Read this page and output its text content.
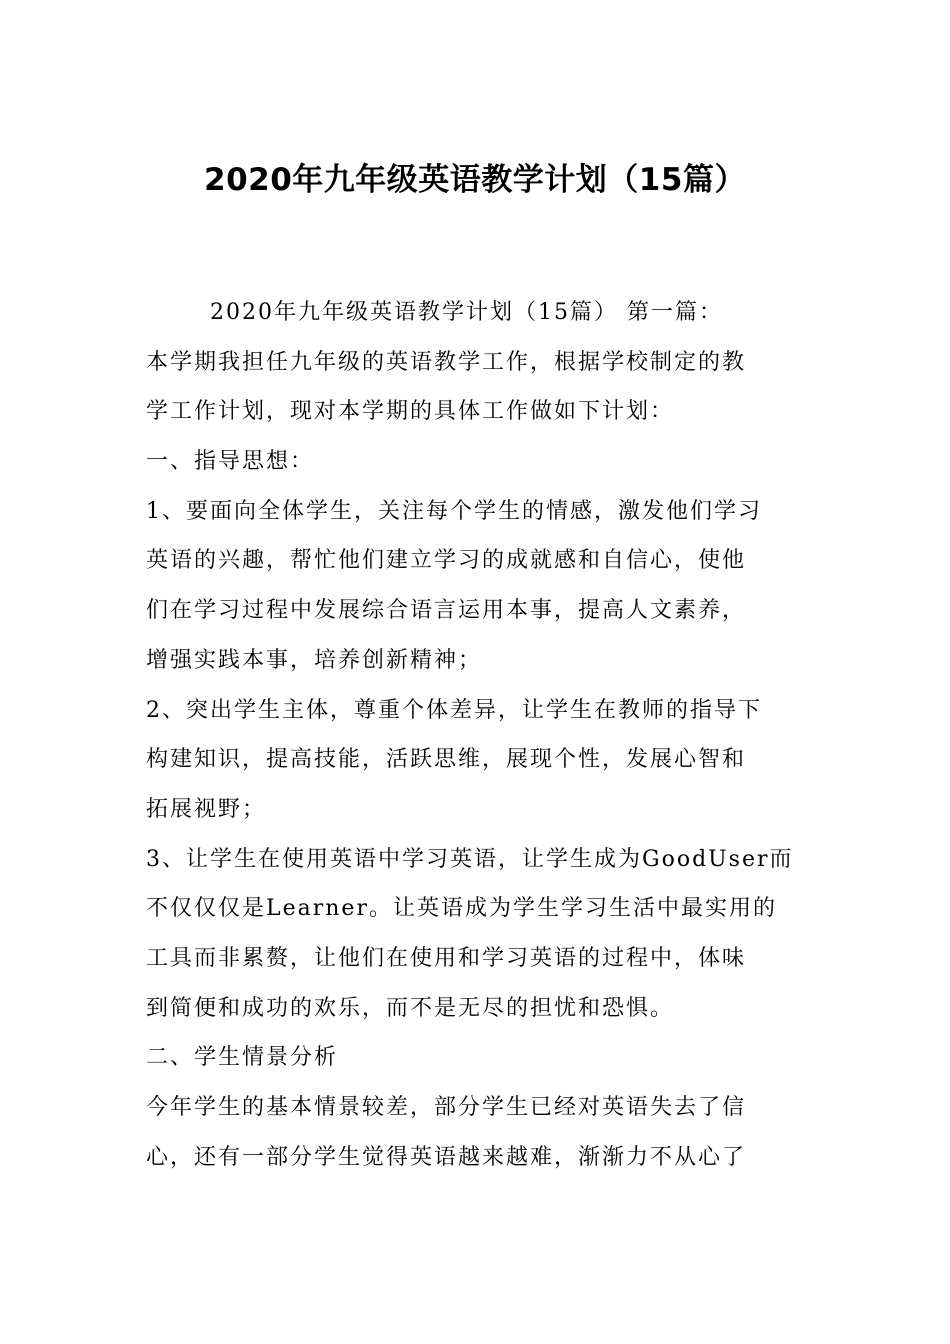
2020年九年级英语教学计划（15篇）
2020年九年级英语教学计划（15篇） 第一篇：
本学期我担任九年级的英语教学工作，根据学校制定的教
学工作计划，现对本学期的具体工作做如下计划：
一、指导思想：
1、要面向全体学生，关注每个学生的情感，激发他们学习
英语的兴趣，帮忙他们建立学习的成就感和自信心，使他
们在学习过程中发展综合语言运用本事，提高人文素养，
增强实践本事，培养创新精神；
2、突出学生主体，尊重个体差异，让学生在教师的指导下
构建知识，提高技能，活跃思维，展现个性，发展心智和
拓展视野；
3、让学生在使用英语中学习英语，让学生成为GoodUser而
不仅仅仅是Learner。让英语成为学生学习生活中最实用的
工具而非累赘，让他们在使用和学习英语的过程中，体味
到简便和成功的欢乐，而不是无尽的担忧和恐惧。
二、学生情景分析
今年学生的基本情景较差，部分学生已经对英语失去了信
心，还有一部分学生觉得英语越来越难，渐渐力不从心了
